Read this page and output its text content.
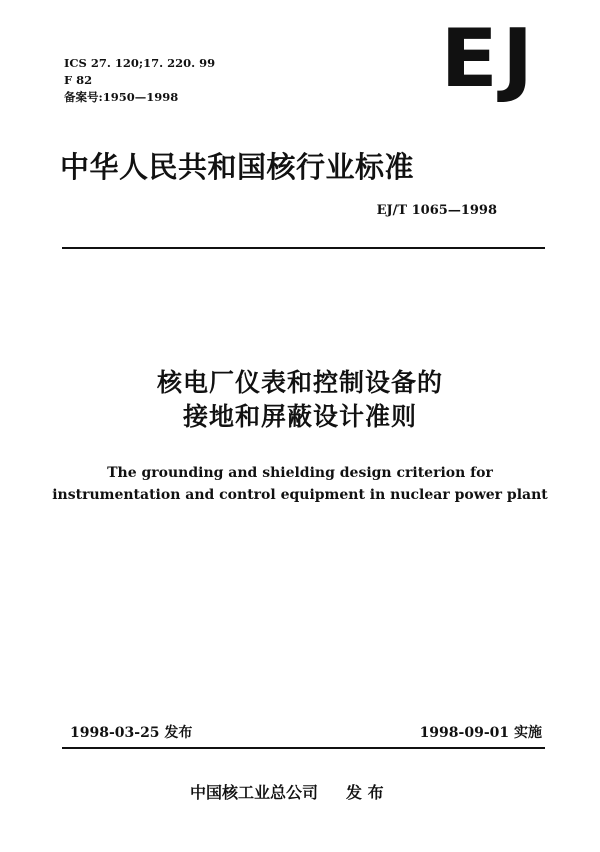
ICS 27. 120;17. 220. 99
F 82
备案号:1950—1998	EJ
中华人民共和国核行业标准
EJ/T 1065—1998
核电厂仪表和控制设备的
接地和屏蔽设计准则
The grounding and shielding design criterion for
instrumentation and control equipment in nuclear power plant
1998-03-25 发布	1998-09-01 实施
中国核工业总公司 发 布
